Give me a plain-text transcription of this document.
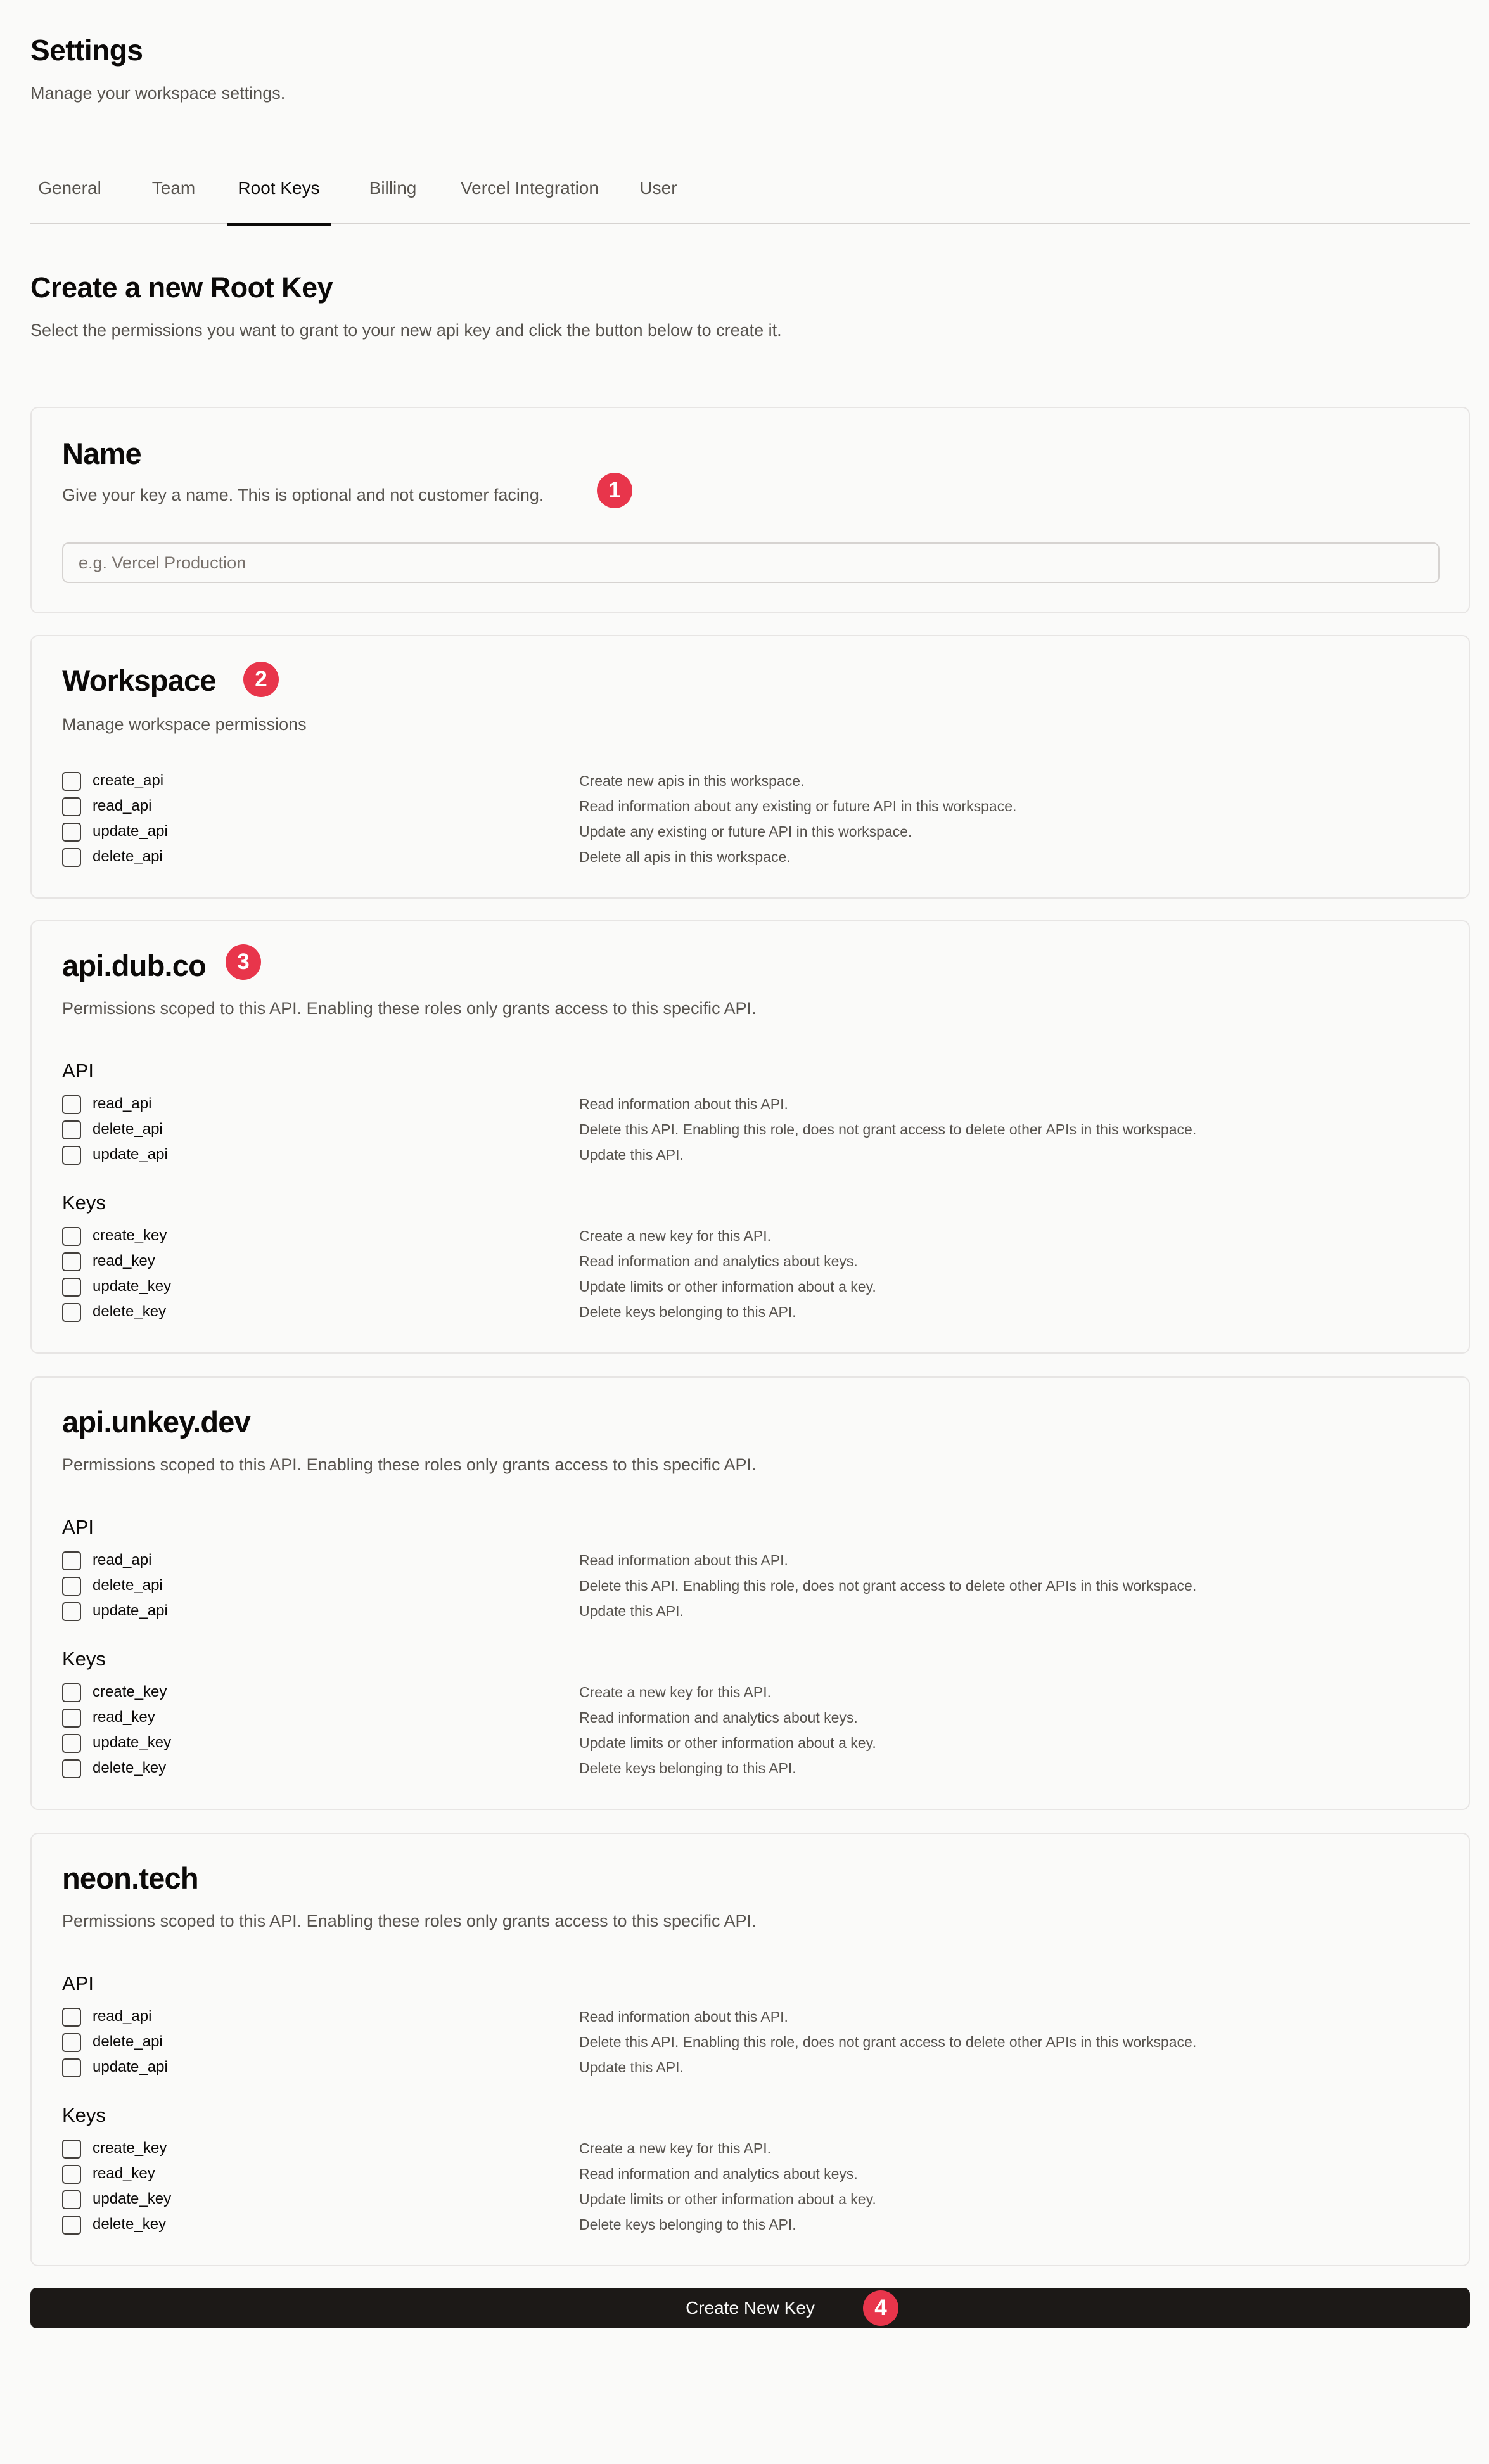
Settings

Manage your workspace settings.

General	Team	Root Keys	Billing	Vercel Integration	User
Create a new Root Key

Select the permissions you want to grant to your new api key and click the button below to create it.

Name

Give your key a name. This is optional and not customer facing.	1
e.g. Vercel Production
Workspace	2

Manage workspace permissions

create_api	Create new apis in this workspace.
read_api	Read information about any existing or future API in this workspace.
update_api	Update any existing or future API in this workspace.
delete_api	Delete all apis in this workspace.
api.dub.co	3

Permissions scoped to this API. Enabling these roles only grants access to this specific API.

API
read_api	Read information about this API.
delete_api	Delete this API. Enabling this role, does not grant access to delete other APIs in this workspace.
update_api	Update this API.
Keys
create_key	Create a new key for this API.
read_key	Read information and analytics about keys.
update_key	Update limits or other information about a key.
delete_key	Delete keys belonging to this API.
api.unkey.dev

Permissions scoped to this API. Enabling these roles only grants access to this specific API.

API
read_api	Read information about this API.
delete_api	Delete this API. Enabling this role, does not grant access to delete other APIs in this workspace.
update_api	Update this API.
Keys
create_key	Create a new key for this API.
read_key	Read information and analytics about keys.
update_key	Update limits or other information about a key.
delete_key	Delete keys belonging to this API.
neon.tech

Permissions scoped to this API. Enabling these roles only grants access to this specific API.

API
read_api	Read information about this API.
delete_api	Delete this API. Enabling this role, does not grant access to delete other APIs in this workspace.
update_api	Update this API.
Keys
create_key	Create a new key for this API.
read_key	Read information and analytics about keys.
update_key	Update limits or other information about a key.
delete_key	Delete keys belonging to this API.
Create New Key	4
